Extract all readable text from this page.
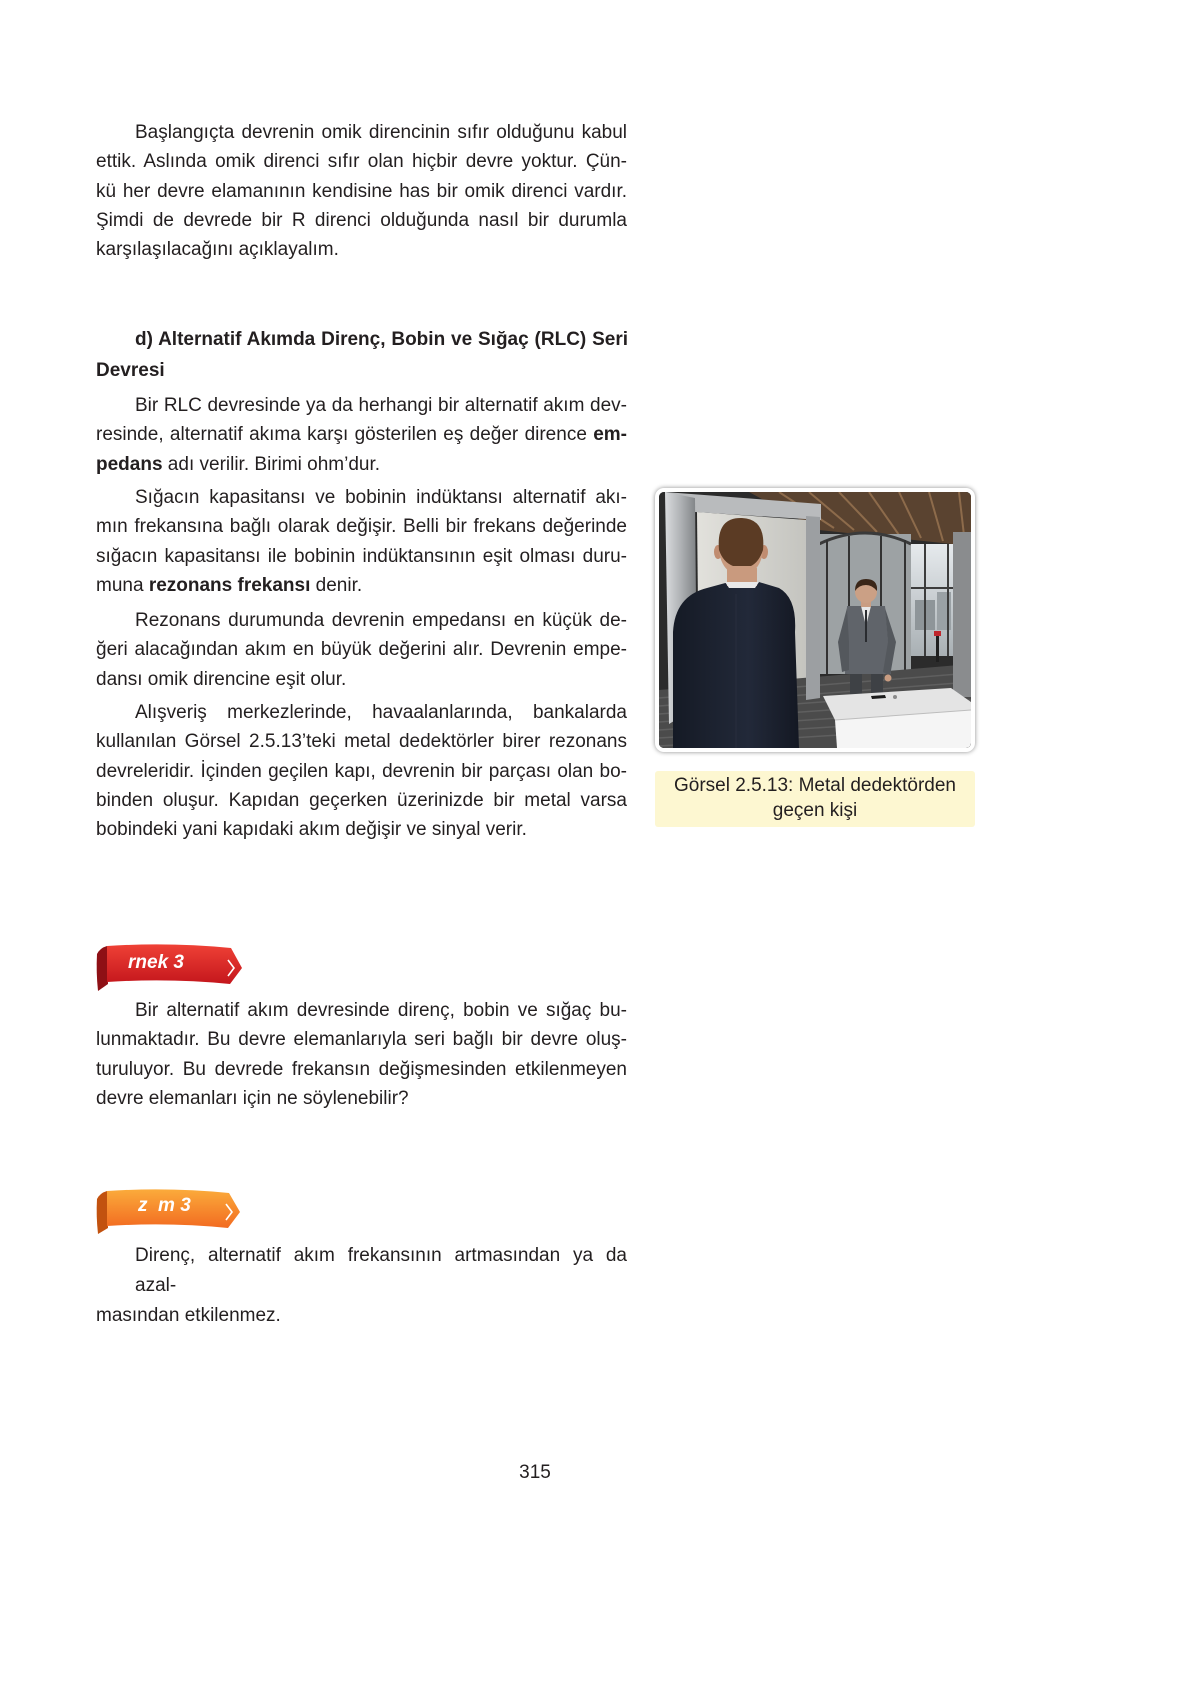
Başlangıçta devrenin omik direncinin sıfır olduğunu kabul
ettik. Aslında omik direnci sıfır olan hiçbir devre yoktur. Çün-
kü her devre elamanının kendisine has bir omik direnci vardır.
Şimdi de devrede bir R direnci olduğunda nasıl bir durumla
karşılaşılacağını açıklayalım.
d) Alternatif Akımda Direnç, Bobin ve Sığaç (RLC) Seri
Devresi
Bir RLC devresinde ya da herhangi bir alternatif akım dev-
resinde, alternatif akıma karşı gösterilen eş değer dirence em-
pedans adı verilir. Birimi ohm’dur.
Sığacın kapasitansı ve bobinin indüktansı alternatif akı-
mın frekansına bağlı olarak değişir. Belli bir frekans değerinde
sığacın kapasitansı ile bobinin indüktansının eşit olması duru-
muna rezonans frekansı denir.
Rezonans durumunda devrenin empedansı en küçük de-
ğeri alacağından akım en büyük değerini alır. Devrenin empe-
dansı omik direncine eşit olur.
Alışveriş merkezlerinde, havaalanlarında, bankalarda
kullanılan Görsel 2.5.13’teki metal dedektörler birer rezonans
devreleridir. İçinden geçilen kapı, devrenin bir parçası olan bo-
binden oluşur. Kapıdan geçerken üzerinizde bir metal varsa
bobindeki yani kapıdaki akım değişir ve sinyal verir.
Görsel 2.5.13: Metal dedektörden
geçen kişi
rnek 3
Bir alternatif akım devresinde direnç, bobin ve sığaç bu-
lunmaktadır. Bu devre elemanlarıyla seri bağlı bir devre oluş-
turuluyor. Bu devrede frekansın değişmesinden etkilenmeyen
devre elemanları için ne söylenebilir?
z  m 3
Direnç, alternatif akım frekansının artmasından ya da azal-
masından etkilenmez.
315
